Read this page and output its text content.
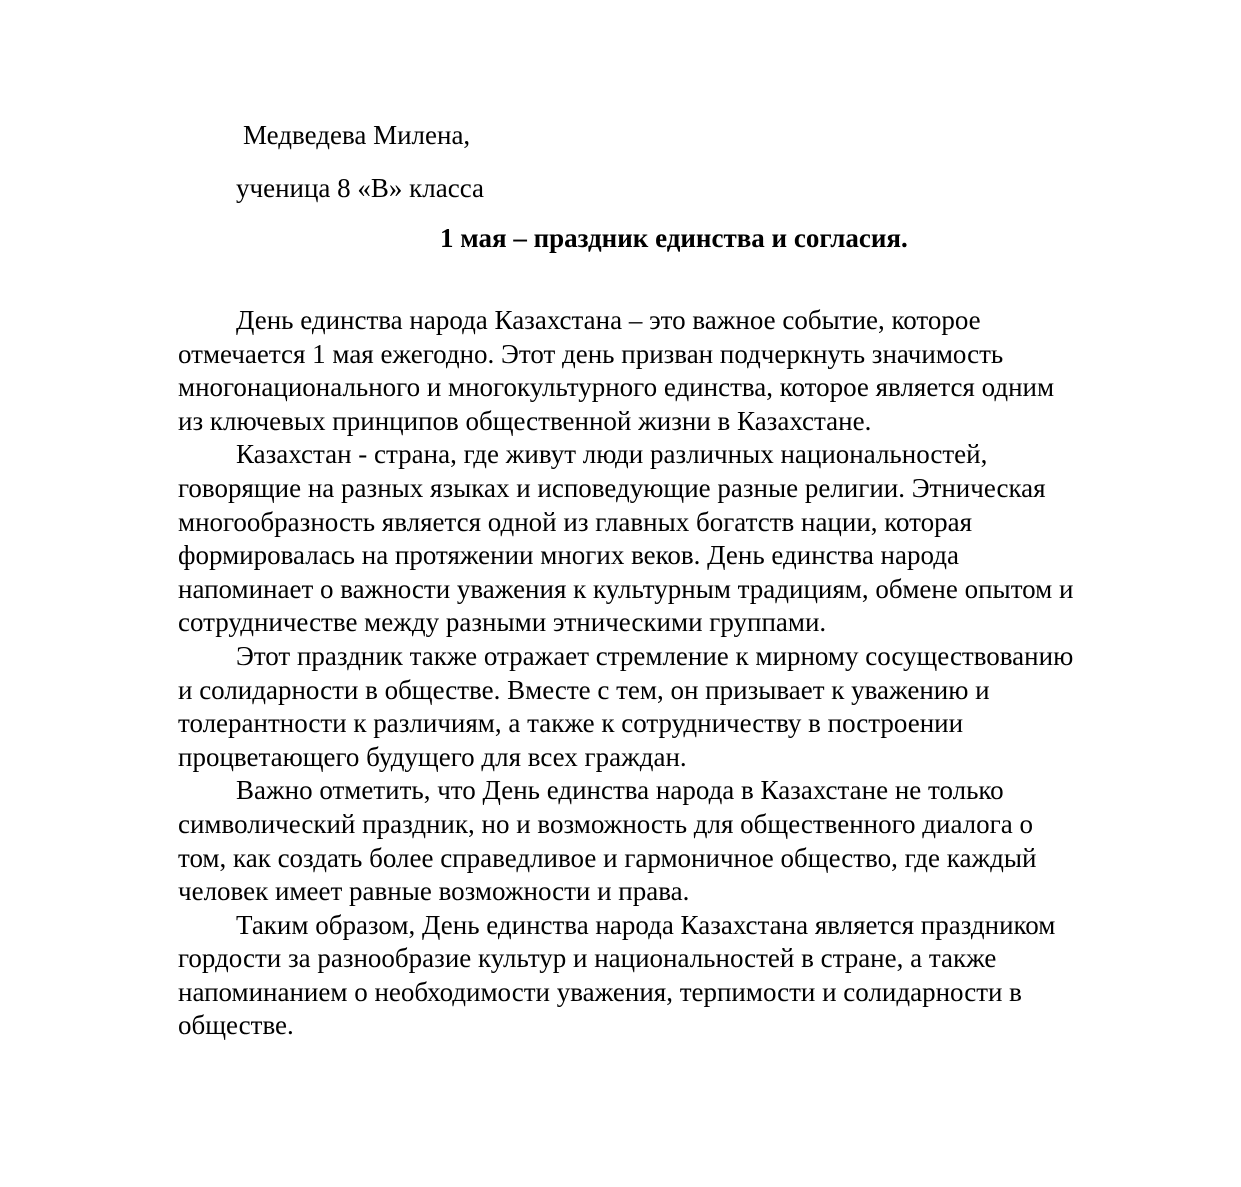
Медведева Милена,
ученица 8 «В» класса
1 мая – праздник единства и согласия.

День единства народа Казахстана – это важное событие, которое
отмечается 1 мая ежегодно. Этот день призван подчеркнуть значимость
многонационального и многокультурного единства, которое является одним
из ключевых принципов общественной жизни в Казахстане.

Казахстан - страна, где живут люди различных национальностей,
говорящие на разных языках и исповедующие разные религии. Этническая
многообразность является одной из главных богатств нации, которая
формировалась на протяжении многих веков. День единства народа
напоминает о важности уважения к культурным традициям, обмене опытом и
сотрудничестве между разными этническими группами.

Этот праздник также отражает стремление к мирному сосуществованию
и солидарности в обществе. Вместе с тем, он призывает к уважению и
толерантности к различиям, а также к сотрудничеству в построении
процветающего будущего для всех граждан.

Важно отметить, что День единства народа в Казахстане не только
символический праздник, но и возможность для общественного диалога о
том, как создать более справедливое и гармоничное общество, где каждый
человек имеет равные возможности и права.

Таким образом, День единства народа Казахстана является праздником
гордости за разнообразие культур и национальностей в стране, а также
напоминанием о необходимости уважения, терпимости и солидарности в
обществе.
